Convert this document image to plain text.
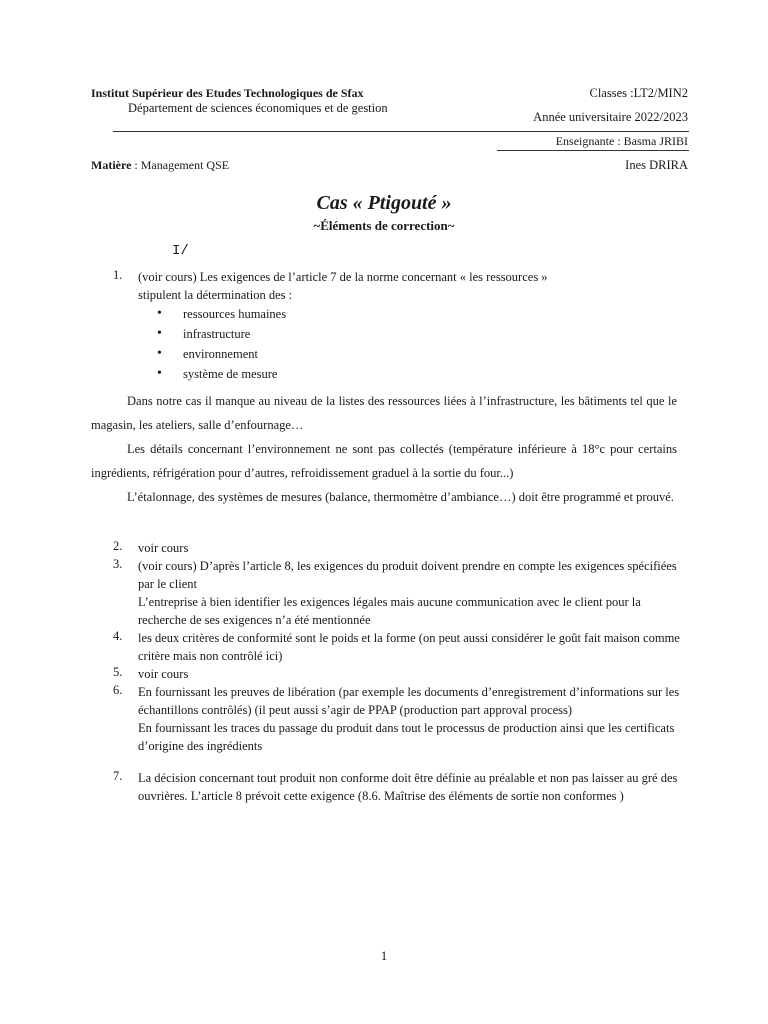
Institut Supérieur des Etudes Technologiques de Sfax
Département de sciences économiques et de gestion
Classes :LT2/MIN2
Année universitaire 2022/2023
Enseignante : Basma JRIBI
Matière : Management QSE	Ines DRIRA
Cas « Ptigouté »
~Éléments de correction~
I/
1. (voir cours) Les exigences de l’article 7 de la norme concernant « les ressources »

stipulent la détermination des :

• ressources humaines
• infrastructure
• environnement
• système de mesure

Dans notre cas il manque au niveau de la listes des ressources liées à l’infrastructure, les bâtiments tel que le magasin, les ateliers, salle d’enfournage…

Les détails concernant l’environnement ne sont pas collectés (température inférieure à 18°c pour certains ingrédients, réfrigération pour d’autres, refroidissement graduel à la sortie du four...)

L’étalonnage, des systèmes de mesures (balance, thermomètre d’ambiance…) doit être programmé et prouvé.

2. voir cours

3. (voir cours) D’après l’article 8, les exigences du produit doivent prendre en compte les exigences spécifiées par le client

L’entreprise à bien identifier les exigences légales mais aucune communication avec le client pour la recherche de ses exigences n’a été mentionnée

4. les deux critères de conformité sont le poids et la forme (on peut aussi considérer le goût fait maison comme critère mais non contrôlé ici)

5. voir cours

6. En fournissant les preuves de libération (par exemple les documents d’enregistrement d’informations sur les échantillons contrôlés) (il peut aussi s’agir de PPAP (production part approval process)

En fournissant les traces du passage du produit dans tout le processus de production ainsi que les certificats d’origine des ingrédients

7. La décision concernant tout produit non conforme doit être définie au préalable et non pas laisser au gré des ouvrières. L’article 8 prévoit cette exigence (8.6. Maîtrise des éléments de sortie non conformes )

1
